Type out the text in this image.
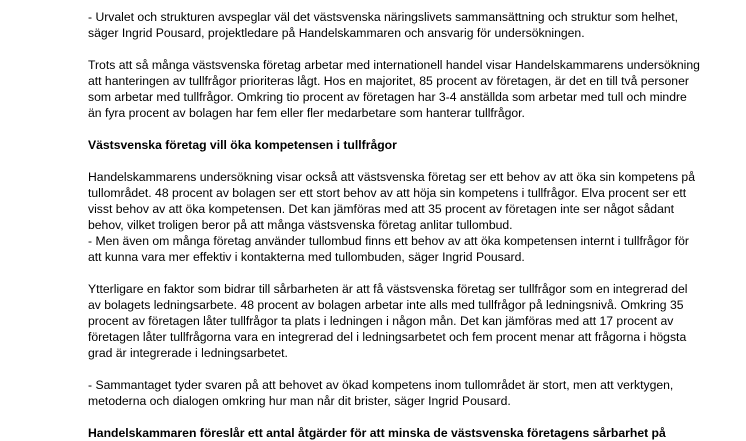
- Urvalet och strukturen avspeglar väl det västsvenska näringslivets sammansättning och struktur som helhet,
säger Ingrid Pousard, projektledare på Handelskammaren och ansvarig för undersökningen.
Trots att så många västsvenska företag arbetar med internationell handel visar Handelskammarens undersökning
att hanteringen av tullfrågor prioriteras lågt. Hos en majoritet, 85 procent av företagen, är det en till två personer
som arbetar med tullfrågor. Omkring tio procent av företagen har 3-4 anställda som arbetar med tull och mindre
än fyra procent av bolagen har fem eller fler medarbetare som hanterar tullfrågor.
Västsvenska företag vill öka kompetensen i tullfrågor
Handelskammarens undersökning visar också att västsvenska företag ser ett behov av att öka sin kompetens på
tullområdet. 48 procent av bolagen ser ett stort behov av att höja sin kompetens i tullfrågor. Elva procent ser ett
visst behov av att öka kompetensen. Det kan jämföras med att 35 procent av företagen inte ser något sådant
behov, vilket troligen beror på att många västsvenska företag anlitar tullombud.
- Men även om många företag använder tullombud finns ett behov av att öka kompetensen internt i tullfrågor för
att kunna vara mer effektiv i kontakterna med tullombuden, säger Ingrid Pousard.
Ytterligare en faktor som bidrar till sårbarheten är att få västsvenska företag ser tullfrågor som en integrerad del
av bolagets ledningsarbete. 48 procent av bolagen arbetar inte alls med tullfrågor på ledningsnivå. Omkring 35
procent av företagen låter tullfrågor ta plats i ledningen i någon mån. Det kan jämföras med att 17 procent av
företagen låter tullfrågorna vara en integrerad del i ledningsarbetet och fem procent menar att frågorna i högsta
grad är integrerade i ledningsarbetet.
- Sammantaget tyder svaren på att behovet av ökad kompetens inom tullområdet är stort, men att verktygen,
metoderna och dialogen omkring hur man når dit brister, säger Ingrid Pousard.
Handelskammaren föreslår ett antal åtgärder för att minska de västsvenska företagens sårbarhet på
